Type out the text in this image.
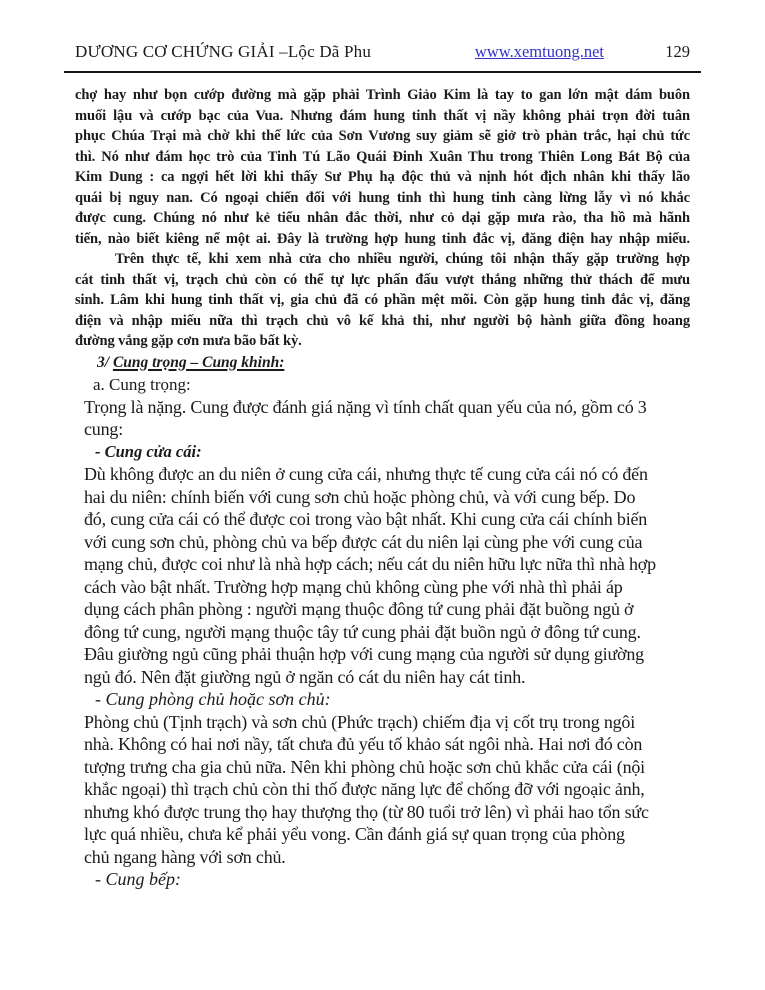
DƯƠNG CƠ CHỨNG GIẢI –Lộc Dã Phu	www.xemtuong.net	129
chợ hay như bọn cướp đường mà gặp phải Trình Giảo Kim là tay to gan lớn mật dám buôn
muối lậu và cướp bạc của Vua. Nhưng đám hung tinh thất vị nầy không phải trọn đời tuân
phục Chúa Trại mà chờ khi thế lức của Sơn Vương suy giảm sẽ giở trò phản trắc, hại chủ tức
thì. Nó như đám học trò của Tinh Tú Lão Quái Đinh Xuân Thu trong Thiên Long Bát Bộ của
Kim Dung : ca ngợi hết lời khi thấy Sư Phụ hạ độc thủ và nịnh hót địch nhân khi thấy lão
quái bị nguy nan. Có ngoại chiến đối với hung tinh thì hung tinh càng lừng lẫy vì nó khắc
được cung. Chúng nó như kẻ tiểu nhân đắc thời, như cỏ dại gặp mưa rào, tha hồ mà hãnh
tiến, nào biết kiêng nể một ai. Đây là trường hợp hung tinh đắc vị, đăng điện hay nhập miếu.
Trên thực tế, khi xem nhà cửa cho nhiều người, chúng tôi nhận thấy gặp trường hợp
cát tinh thất vị, trạch chủ còn có thể tự lực phấn đấu vượt thắng những thử thách để mưu
sinh. Lâm khi hung tinh thất vị, gia chủ đã có phần mệt mõi. Còn gặp hung tinh đắc vị, đăng
điện và nhập miếu nữa thì trạch chủ vô kế khả thi, như người bộ hành giữa đồng hoang
đường vắng gặp cơn mưa bão bất kỳ.
3/ Cung trọng – Cung khinh:
a. Cung trọng:
Trọng là nặng. Cung được đánh giá nặng vì tính chất quan yếu của nó, gồm có 3
cung:
- Cung cửa cái:
Dù không được an du niên ở cung cửa cái, nhưng thực tế cung cửa cái nó có đến
hai du niên: chính biến với cung sơn chủ hoặc phòng chủ, và với cung bếp. Do
đó, cung cửa cái có thể được coi trong vào bật nhất. Khi cung cửa cái chính biến
với cung sơn chủ, phòng chủ va bếp được cát du niên lại cùng phe với cung của
mạng chủ, được coi như là nhà hợp cách; nếu cát du niên hữu lực nữa thì nhà hợp
cách vào bật nhất. Trường hợp mạng chủ không cùng phe với nhà thì phải áp
dụng cách phân phòng : người mạng thuộc đông tứ cung phải đặt buồng ngủ ở
đông tứ cung, người mạng thuộc tây tứ cung phải đặt buồn ngủ ở đông tứ cung.
Đâu giường ngủ cũng phải thuận hợp với cung mạng của người sử dụng giường
ngủ đó. Nên đặt giường ngủ ở ngăn có cát du niên hay cát tinh.
- Cung phòng chủ hoặc sơn chủ:
Phòng chủ (Tịnh trạch) và sơn chủ (Phức trạch) chiếm địa vị cốt trụ trong ngôi
nhà. Không có hai nơi nầy, tất chưa đủ yếu tố khảo sát ngôi nhà. Hai nơi đó còn
tượng trưng cha gia chủ nữa. Nên khi phòng chủ hoặc sơn chủ khắc cửa cái (nội
khắc ngoại) thì trạch chủ còn thi thố được năng lực để chống đỡ với ngoạic ảnh,
nhưng khó được trung thọ hay thượng thọ (từ 80 tuổi trở lên) vì phải hao tổn sức
lực quá nhiều, chưa kể phải yểu vong. Cần đánh giá sự quan trọng của phòng
chủ ngang hàng với sơn chủ.
- Cung bếp:
